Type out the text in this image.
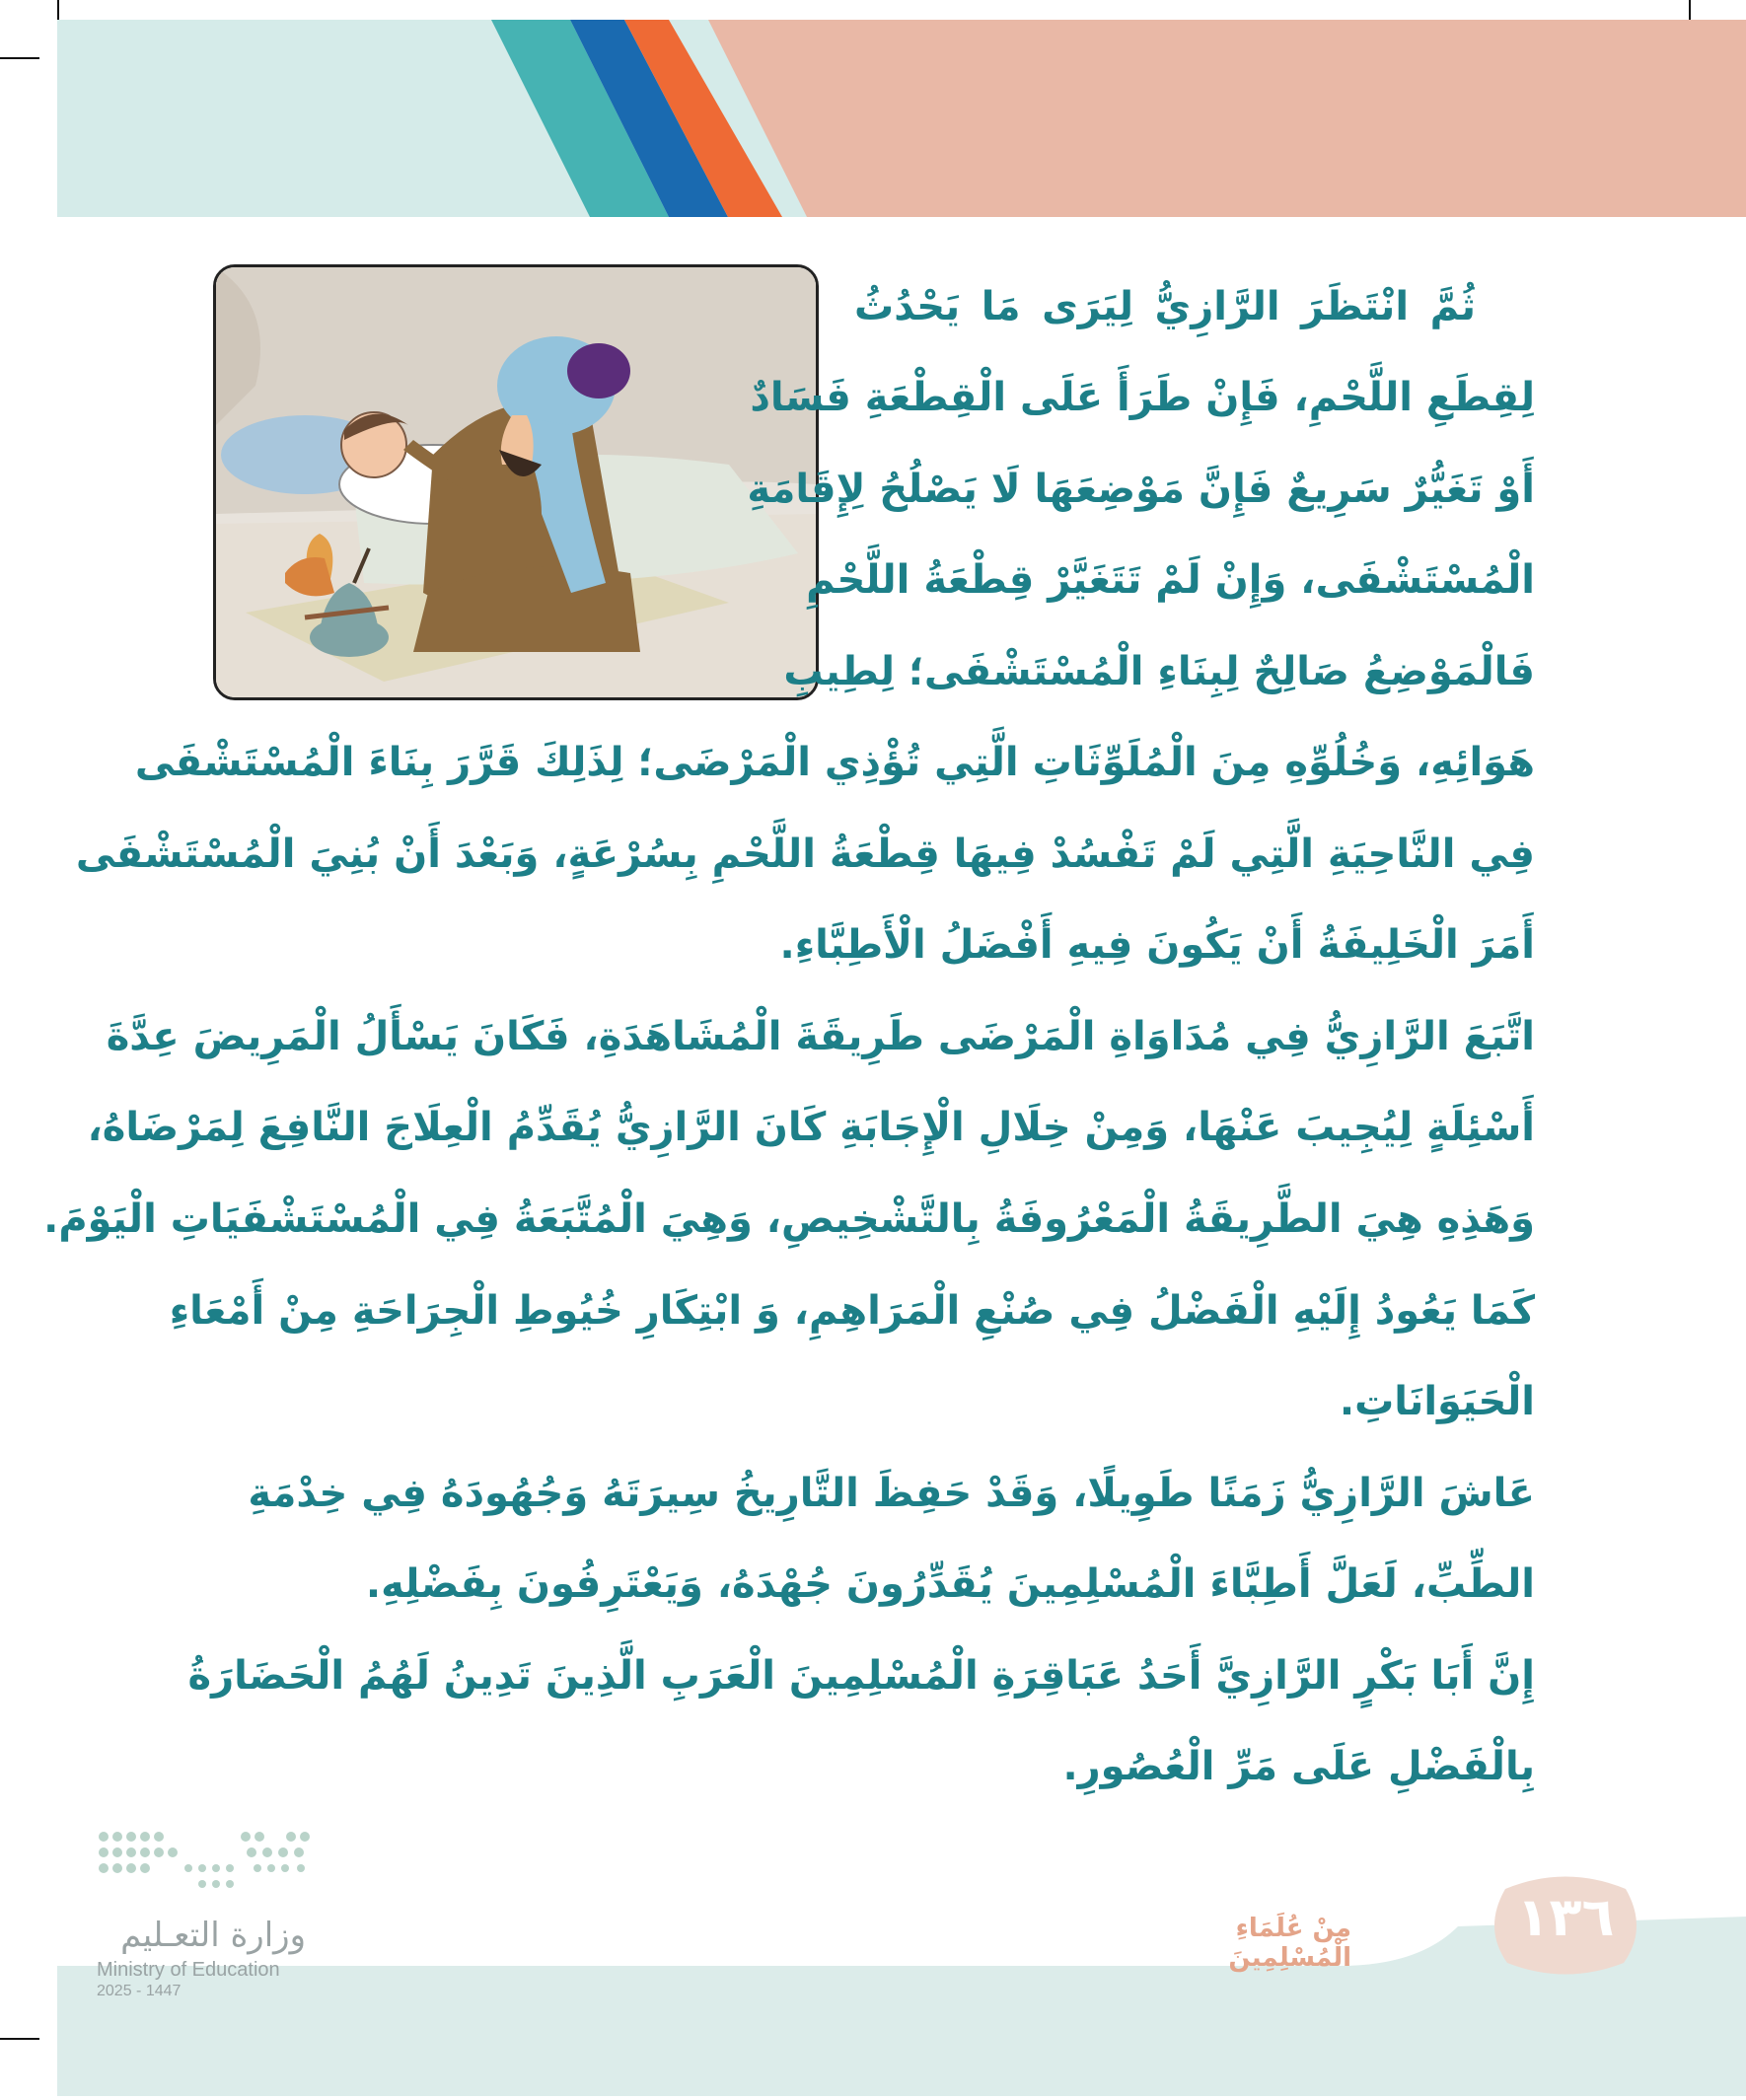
ثُمَّ انْتَظَرَ الرَّازِيُّ لِيَرَى مَا يَحْدُثُ
لِقِطَعِ اللَّحْمِ، فَإِنْ طَرَأَ عَلَى الْقِطْعَةِ فَسَادٌ
أَوْ تَغَيُّرٌ سَرِيعٌ فَإِنَّ مَوْضِعَهَا لَا يَصْلُحُ لِإِقَامَةِ
الْمُسْتَشْفَى، وَإِنْ لَمْ تَتَغَيَّرْ قِطْعَةُ اللَّحْمِ
فَالْمَوْضِعُ صَالِحٌ لِبِنَاءِ الْمُسْتَشْفَى؛ لِطِيبِ
هَوَائِهِ، وَخُلُوِّهِ مِنَ الْمُلَوِّثَاتِ الَّتِي تُؤْذِي الْمَرْضَى؛ لِذَلِكَ قَرَّرَ بِنَاءَ الْمُسْتَشْفَى
فِي النَّاحِيَةِ الَّتِي لَمْ تَفْسُدْ فِيهَا قِطْعَةُ اللَّحْمِ بِسُرْعَةٍ، وَبَعْدَ أَنْ بُنِيَ الْمُسْتَشْفَى
أَمَرَ الْخَلِيفَةُ أَنْ يَكُونَ فِيهِ أَفْضَلُ الْأَطِبَّاءِ.
اتَّبَعَ الرَّازِيُّ فِي مُدَاوَاةِ الْمَرْضَى طَرِيقَةَ الْمُشَاهَدَةِ، فَكَانَ يَسْأَلُ الْمَرِيضَ عِدَّةَ
أَسْئِلَةٍ لِيُجِيبَ عَنْهَا، وَمِنْ خِلَالِ الْإِجَابَةِ كَانَ الرَّازِيُّ يُقَدِّمُ الْعِلَاجَ النَّافِعَ لِمَرْضَاهُ،
وَهَذِهِ هِيَ الطَّرِيقَةُ الْمَعْرُوفَةُ بِالتَّشْخِيصِ، وَهِيَ الْمُتَّبَعَةُ فِي الْمُسْتَشْفَيَاتِ الْيَوْمَ.
كَمَا يَعُودُ إِلَيْهِ الْفَضْلُ فِي صُنْعِ الْمَرَاهِمِ، وَ ابْتِكَارِ خُيُوطِ الْجِرَاحَةِ مِنْ أَمْعَاءِ
الْحَيَوَانَاتِ.
عَاشَ الرَّازِيُّ زَمَنًا طَوِيلًا، وَقَدْ حَفِظَ التَّارِيخُ سِيرَتَهُ وَجُهُودَهُ فِي خِدْمَةِ
الطِّبِّ، لَعَلَّ أَطِبَّاءَ الْمُسْلِمِينَ يُقَدِّرُونَ جُهْدَهُ، وَيَعْتَرِفُونَ بِفَضْلِهِ.
إِنَّ أَبَا بَكْرٍ الرَّازِيَّ أَحَدُ عَبَاقِرَةِ الْمُسْلِمِينَ الْعَرَبِ الَّذِينَ تَدِينُ لَهُمُ الْحَضَارَةُ
بِالْفَضْلِ عَلَى مَرِّ الْعُصُورِ.
١٣٦
مِنْ عُلَمَاءِ الْمُسْلِمِينَ
وزارة التعـليم
Ministry of Education
2025 - 1447
